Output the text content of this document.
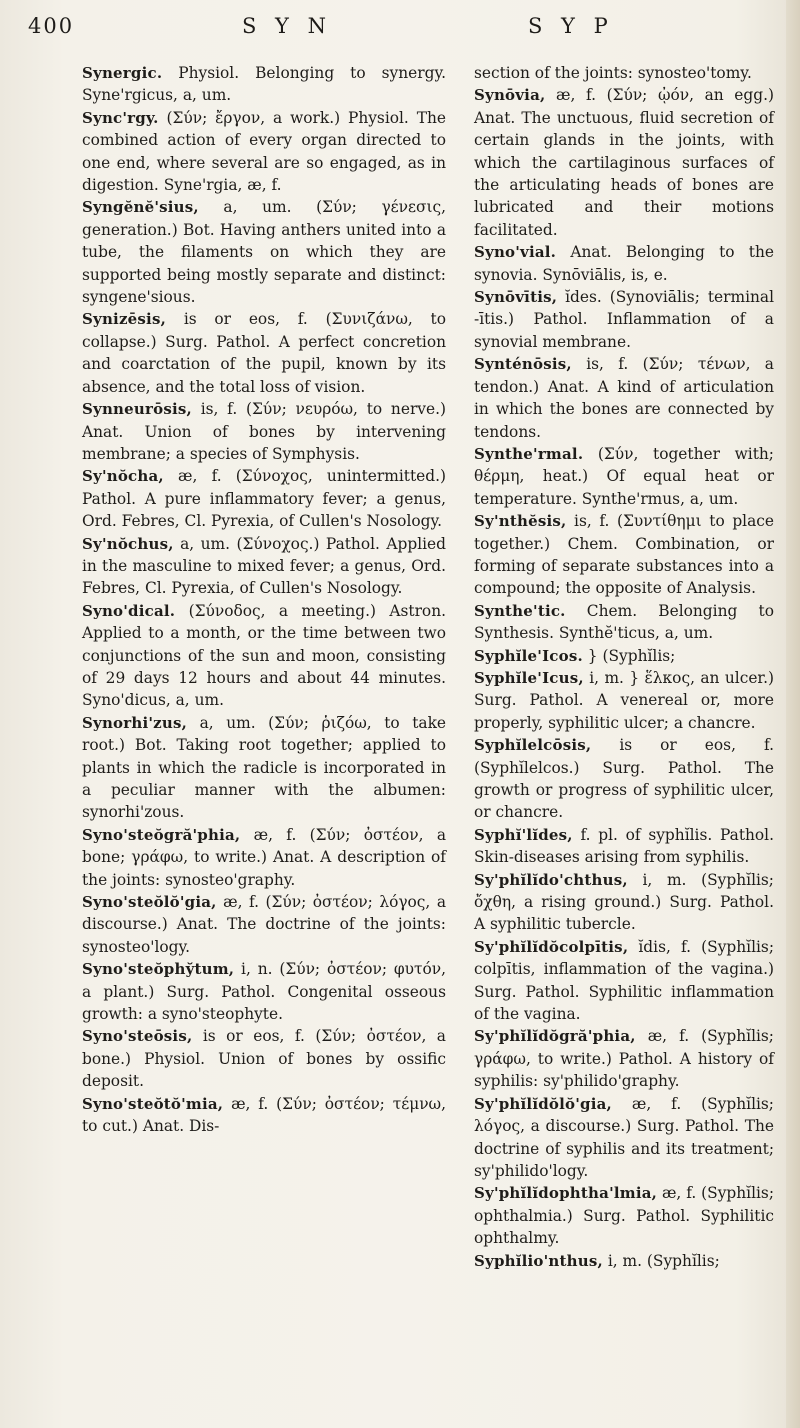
400	S Y N	S Y P

Synergic. Physiol. Belonging to synergy. Syne'rgicus, a, um.

Sync'rgy. (Σύν; ἔργον, a work.) Physiol. The combined action of every organ directed to one end, where several are so engaged, as in digestion. Syne'rgia, æ, f.

Syngĕnĕ'sius, a, um. (Σύν; γένεσις, generation.) Bot. Having anthers united into a tube, the filaments on which they are supported being mostly separate and distinct: syngene'sious.

Synizēsis, is or eos, f. (Συνιζάνω, to collapse.) Surg. Pathol. A perfect concretion and coarctation of the pupil, known by its absence, and the total loss of vision.

Synneurōsis, is, f. (Σύν; νευρόω, to nerve.) Anat. Union of bones by intervening membrane; a species of Symphysis.

Sy'nŏcha, æ, f. (Σύνοχος, unintermitted.) Pathol. A pure inflammatory fever; a genus, Ord. Febres, Cl. Pyrexia, of Cullen's Nosology.

Sy'nŏchus, a, um. (Σύνοχος.) Pathol. Applied in the masculine to mixed fever; a genus, Ord. Febres, Cl. Pyrexia, of Cullen's Nosology.

Syno'dical. (Σύνοδος, a meeting.) Astron. Applied to a month, or the time between two conjunctions of the sun and moon, consisting of 29 days 12 hours and about 44 minutes. Syno'dicus, a, um.

Synorhi'zus, a, um. (Σύν; ῥιζόω, to take root.) Bot. Taking root together; applied to plants in which the radicle is incorporated in a peculiar manner with the albumen: synorhi'zous.

Syno'steŏgră'phia, æ, f. (Σύν; ὀστέον, a bone; γράφω, to write.) Anat. A description of the joints: synosteo'graphy.

Syno'steŏlŏ'gia, æ, f. (Σύν; ὀστέον; λόγος, a discourse.) Anat. The doctrine of the joints: synosteo'logy.

Syno'steŏphy̆tum, i, n. (Σύν; ὀστέον; φυτόν, a plant.) Surg. Pathol. Congenital osseous growth: a syno'steophyte.

Syno'steōsis, is or eos, f. (Σύν; ὀστέον, a bone.) Physiol. Union of bones by ossific deposit.

Syno'steŏtŏ'mia, æ, f. (Σύν; ὀστέον; τέμνω, to cut.) Anat. Dis-

section of the joints: synosteo'tomy.

Synōvia, æ, f. (Σύν; ᾠόν, an egg.) Anat. The unctuous, fluid secretion of certain glands in the joints, with which the cartilaginous surfaces of the articulating heads of bones are lubricated and their motions facilitated.

Syno'vial. Anat. Belonging to the synovia. Synōviālis, is, e.

Synōvītis, ĭdes. (Synoviālis; terminal -ītis.) Pathol. Inflammation of a synovial membrane.

Synténōsis, is, f. (Σύν; τένων, a tendon.) Anat. A kind of articulation in which the bones are connected by tendons.

Synthe'rmal. (Σύν, together with; θέρμη, heat.) Of equal heat or temperature. Synthe'rmus, a, um.

Sy'nthĕsis, is, f. (Συντίθημι to place together.) Chem. Combination, or forming of separate substances into a compound; the opposite of Analysis.

Synthe'tic. Chem. Belonging to Synthesis. Synthĕ'ticus, a, um.

Syphĭle'Icos. } (Syphĭlis;

Syphĭle'Icus, i, m. } ἕλκος, an ulcer.) Surg. Pathol. A venereal or, more properly, syphilitic ulcer; a chancre.

Syphĭlelcōsis, is or eos, f. (Syphĭlelcos.) Surg. Pathol. The growth or progress of syphilitic ulcer, or chancre.

Syphĭ'lĭdes, f. pl. of syphĭlis. Pathol. Skin-diseases arising from syphilis.

Sy'phĭlĭdo'chthus, i, m. (Syphĭlis; ὄχθη, a rising ground.) Surg. Pathol. A syphilitic tubercle.

Sy'phĭlĭdŏcolpītis, ĭdis, f. (Syphĭlis; colpītis, inflammation of the vagina.) Surg. Pathol. Syphilitic inflammation of the vagina.

Sy'phĭlĭdŏgră'phia, æ, f. (Syphĭlis; γράφω, to write.) Pathol. A history of syphilis: sy'philido'graphy.

Sy'phĭlĭdŏlŏ'gia, æ, f. (Syphĭlis; λόγος, a discourse.) Surg. Pathol. The doctrine of syphilis and its treatment; sy'philido'logy.

Sy'phĭlĭdophtha'lmia, æ, f. (Syphĭlis; ophthalmia.) Surg. Pathol. Syphilitic ophthalmy.

Syphĭlio'nthus, i, m. (Syphĭlis;
